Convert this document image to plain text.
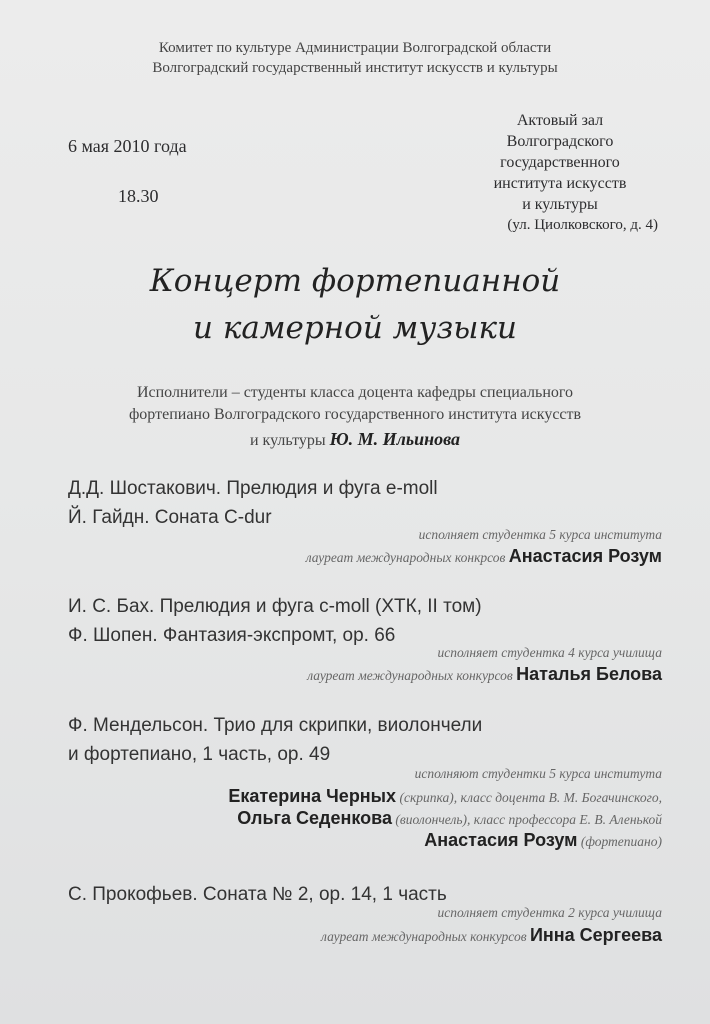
Комитет по культуре Администрации Волгоградской области
Волгоградский государственный институт искусств и культуры
6 мая 2010 года
18.30
Актовый зал
Волгоградского
государственного
института искусств
и культуры
(ул. Циолковского, д. 4)
Концерт фортепианной
и камерной музыки
Исполнители – студенты класса доцента кафедры специального
фортепиано Волгоградского государственного института искусств
и культуры Ю. М. Ильинова
Д.Д. Шостакович. Прелюдия и фуга e-moll
Й. Гайдн. Соната C-dur
исполняет студентка 5 курса института
лауреат международных конкрсов Анастасия Розум
И. С. Бах. Прелюдия и фуга c-moll (ХТК, II том)
Ф. Шопен. Фантазия-экспромт, ор. 66
исполняет студентка 4 курса училища
лауреат международных конкурсов Наталья Белова
Ф. Мендельсон. Трио для скрипки, виолончели
и фортепиано, 1 часть, ор. 49
исполняют студентки 5 курса института
Екатерина Черных (скрипка), класс доцента В. М. Богачинского,
Ольга Седенкова (виолончель), класс профессора Е. В. Аленькой
Анастасия Розум (фортепиано)
С. Прокофьев. Соната № 2, ор. 14, 1 часть
исполняет студентка 2 курса училища
лауреат международных конкурсов Инна Сергеева
